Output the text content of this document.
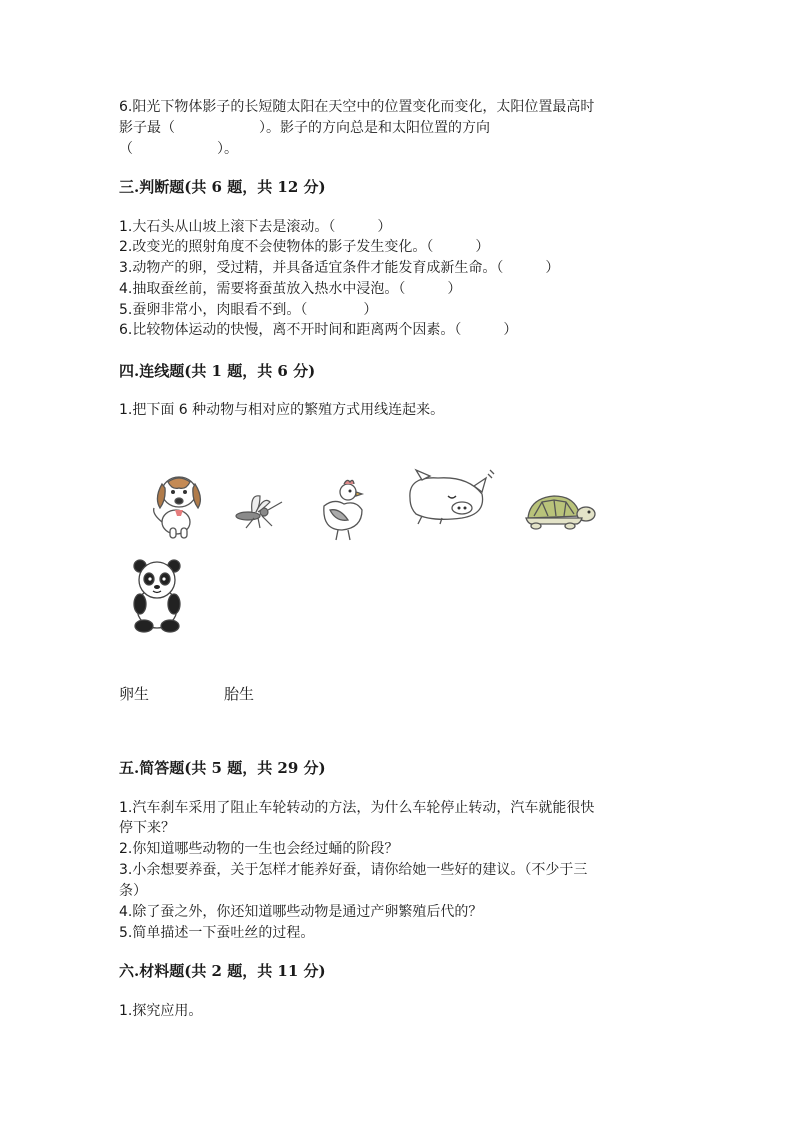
6.阳光下物体影子的长短随太阳在天空中的位置变化而变化，太阳位置最高时
影子最（　　　　　　）。影子的方向总是和太阳位置的方向
（　　　　　　）。
三.判断题(共 6 题，共 12 分)
1.大石头从山坡上滚下去是滚动。（　　　）
2.改变光的照射角度不会使物体的影子发生变化。（　　　）
3.动物产的卵，受过精，并具备适宜条件才能发育成新生命。（　　　）
4.抽取蚕丝前，需要将蚕茧放入热水中浸泡。（　　　）
5.蚕卵非常小，肉眼看不到。（　　　　）
6.比较物体运动的快慢，离不开时间和距离两个因素。（　　　）
四.连线题(共 1 题，共 6 分)
1.把下面 6 种动物与相对应的繁殖方式用线连起来。
卵生	胎生
五.简答题(共 5 题，共 29 分)
1.汽车刹车采用了阻止车轮转动的方法，为什么车轮停止转动，汽车就能很快
停下来？
2.你知道哪些动物的一生也会经过蛹的阶段？
3.小余想要养蚕，关于怎样才能养好蚕，请你给她一些好的建议。（不少于三
条）
4.除了蚕之外，你还知道哪些动物是通过产卵繁殖后代的？
5.简单描述一下蚕吐丝的过程。
六.材料题(共 2 题，共 11 分)
1.探究应用。
